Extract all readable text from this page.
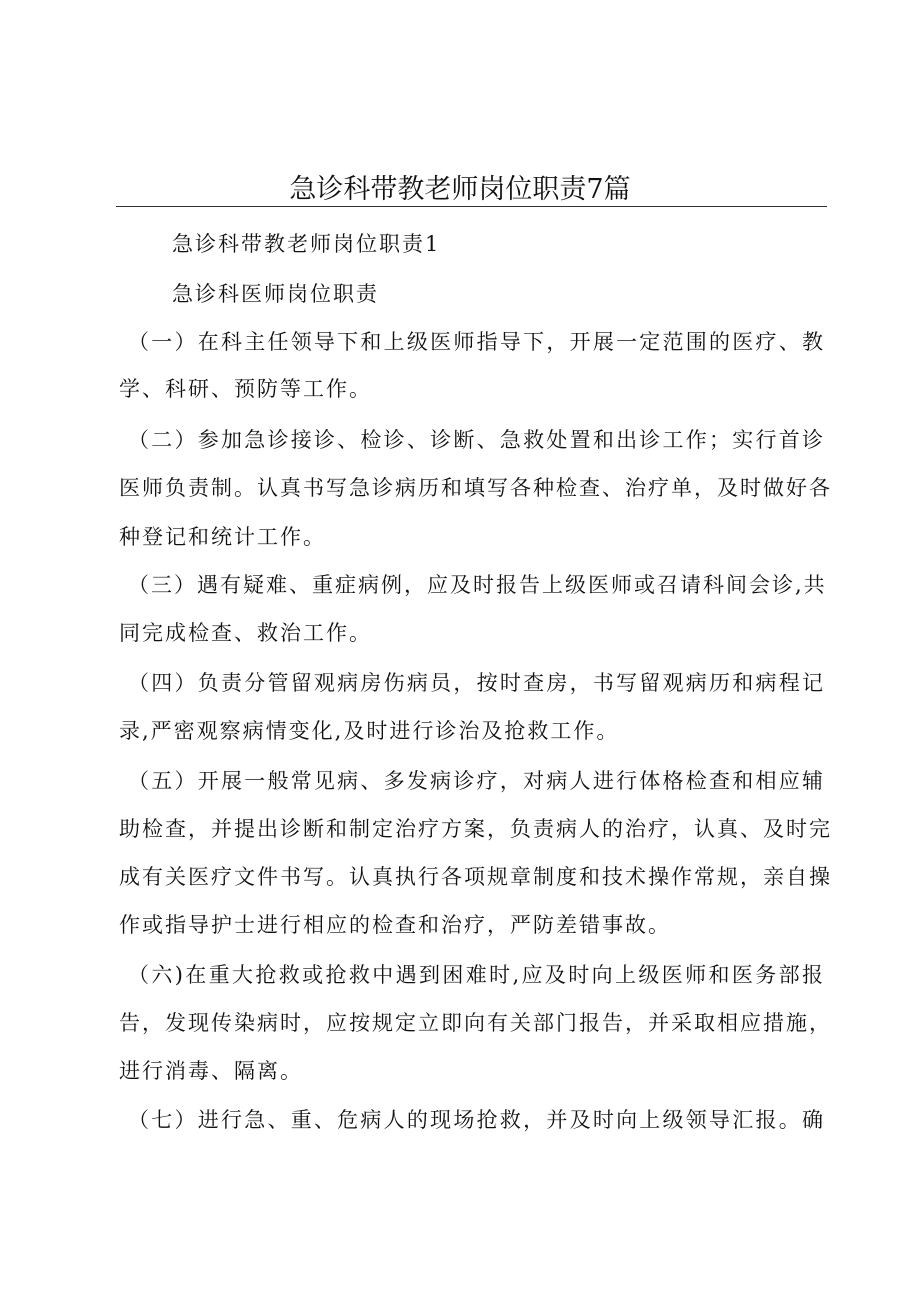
急诊科带教老师岗位职责7篇
急诊科带教老师岗位职责1
急诊科医师岗位职责
（一）在科主任领导下和上级医师指导下，开展一定范围的医疗、教
学、科研、预防等工作。
（二）参加急诊接诊、检诊、诊断、急救处置和出诊工作；实行首诊
医师负责制。认真书写急诊病历和填写各种检查、治疗单，及时做好各
种登记和统计工作。
（三）遇有疑难、重症病例，应及时报告上级医师或召请科间会诊,共
同完成检查、救治工作。
（四）负责分管留观病房伤病员，按时查房，书写留观病历和病程记
录,严密观察病情变化,及时进行诊治及抢救工作。
（五）开展一般常见病、多发病诊疗，对病人进行体格检查和相应辅
助检查，并提出诊断和制定治疗方案，负责病人的治疗，认真、及时完
成有关医疗文件书写。认真执行各项规章制度和技术操作常规，亲自操
作或指导护士进行相应的检查和治疗，严防差错事故。
（六)在重大抢救或抢救中遇到困难时,应及时向上级医师和医务部报
告，发现传染病时，应按规定立即向有关部门报告，并采取相应措施，
进行消毒、隔离。
（七）进行急、重、危病人的现场抢救，并及时向上级领导汇报。确
